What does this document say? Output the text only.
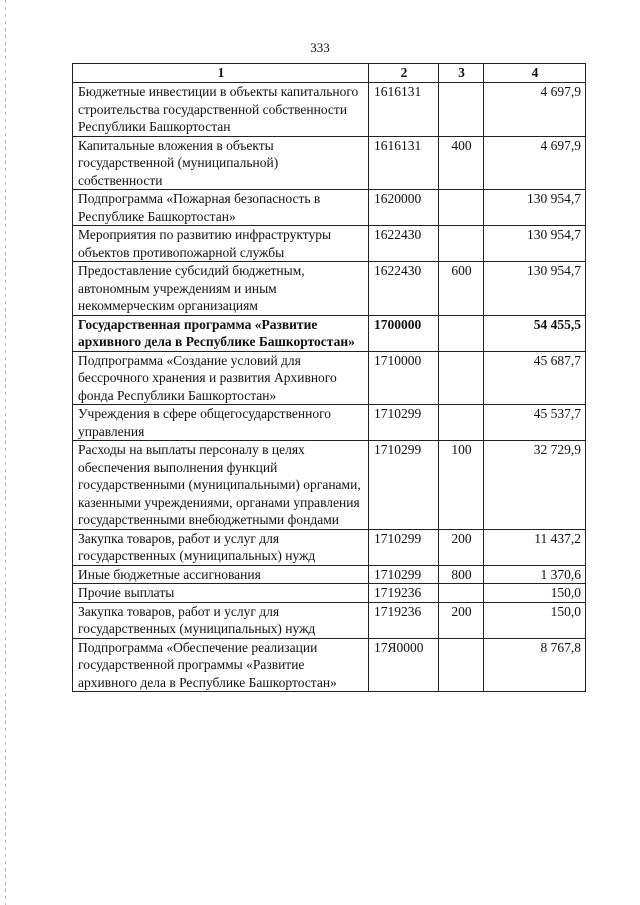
333
1	2	3	4
Бюджетные инвестиции в объекты капитального строительства государственной собственности Республики Башкортостан	1616131		4 697,9
Капитальные вложения в объекты государственной (муниципальной) собственности	1616131	400	4 697,9
Подпрограмма «Пожарная безопасность в Республике Башкортостан»	1620000		130 954,7
Мероприятия по развитию инфраструктуры объектов противопожарной службы	1622430		130 954,7
Предоставление субсидий бюджетным, автономным учреждениям и иным некоммерческим организациям	1622430	600	130 954,7
Государственная программа «Развитие архивного дела в Республике Башкортостан»	1700000		54 455,5
Подпрограмма «Создание условий для бессрочного хранения и развития Архивного фонда Республики Башкортостан»	1710000		45 687,7
Учреждения в сфере общегосударственного управления	1710299		45 537,7
Расходы на выплаты персоналу в целях обеспечения выполнения функций государственными (муниципальными) органами, казенными учреждениями, органами управления государственными внебюджетными фондами	1710299	100	32 729,9
Закупка товаров, работ и услуг для государственных (муниципальных) нужд	1710299	200	11 437,2
Иные бюджетные ассигнования	1710299	800	1 370,6
Прочие выплаты	1719236		150,0
Закупка товаров, работ и услуг для государственных (муниципальных) нужд	1719236	200	150,0
Подпрограмма «Обеспечение реализации государственной программы «Развитие архивного дела в Республике Башкортостан»	17Я0000		8 767,8
